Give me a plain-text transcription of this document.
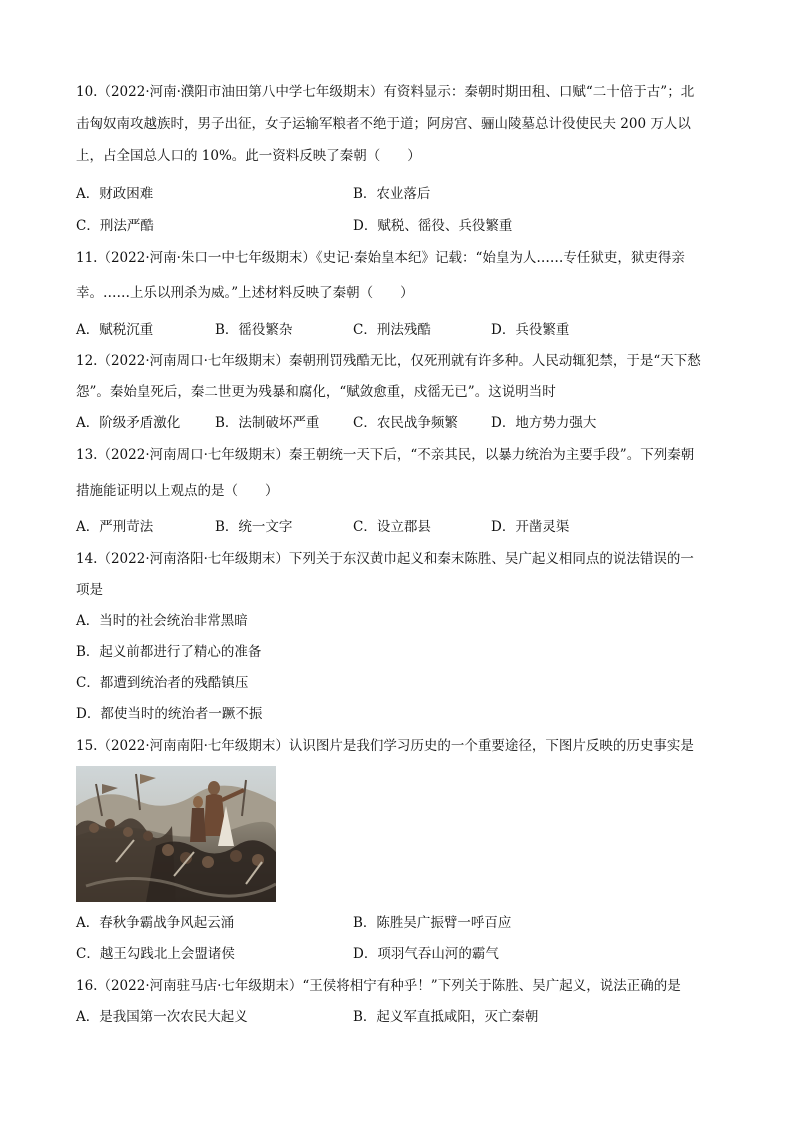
10.（2022·河南·濮阳市油田第八中学七年级期末）有资料显示：秦朝时期田租、口赋“二十倍于古”；北
击匈奴南攻越族时，男子出征，女子运输军粮者不绝于道；阿房宫、骊山陵墓总计役使民夫 200 万人以
上，占全国总人口的 10%。此一资料反映了秦朝（　　）
A．财政困难	B．农业落后
C．刑法严酷	D．赋税、徭役、兵役繁重
11.（2022·河南·朱口一中七年级期末）《史记·秦始皇本纪》记载：“始皇为人……专任狱吏，狱吏得亲
幸。……上乐以刑杀为威。”上述材料反映了秦朝（　　）
A．赋税沉重	B．徭役繁杂	C．刑法残酷	D．兵役繁重
12.（2022·河南周口·七年级期末）秦朝刑罚残酷无比，仅死刑就有许多种。人民动辄犯禁，于是“天下愁
怨”。秦始皇死后，秦二世更为残暴和腐化，“赋敛愈重，戍徭无已”。这说明当时
A．阶级矛盾激化	B．法制破坏严重 C．农民战争频繁 D．地方势力强大
13.（2022·河南周口·七年级期末）秦王朝统一天下后，“不亲其民，以暴力统治为主要手段”。下列秦朝
措施能证明以上观点的是（　　）
A．严刑苛法	B．统一文字	C．设立郡县	D．开凿灵渠
14.（2022·河南洛阳·七年级期末）下列关于东汉黄巾起义和秦末陈胜、吴广起义相同点的说法错误的一
项是
A．当时的社会统治非常黑暗
B．起义前都进行了精心的准备
C．都遭到统治者的残酷镇压
D．都使当时的统治者一蹶不振
15.（2022·河南南阳·七年级期末）认识图片是我们学习历史的一个重要途径，下图片反映的历史事实是
A．春秋争霸战争风起云涌	B．陈胜吴广振臂一呼百应
C．越王勾践北上会盟诸侯	D．项羽气吞山河的霸气
16.（2022·河南驻马店·七年级期末）“王侯将相宁有种乎！”下列关于陈胜、吴广起义，说法正确的是
A．是我国第一次农民大起义	B．起义军直抵咸阳，灭亡秦朝
